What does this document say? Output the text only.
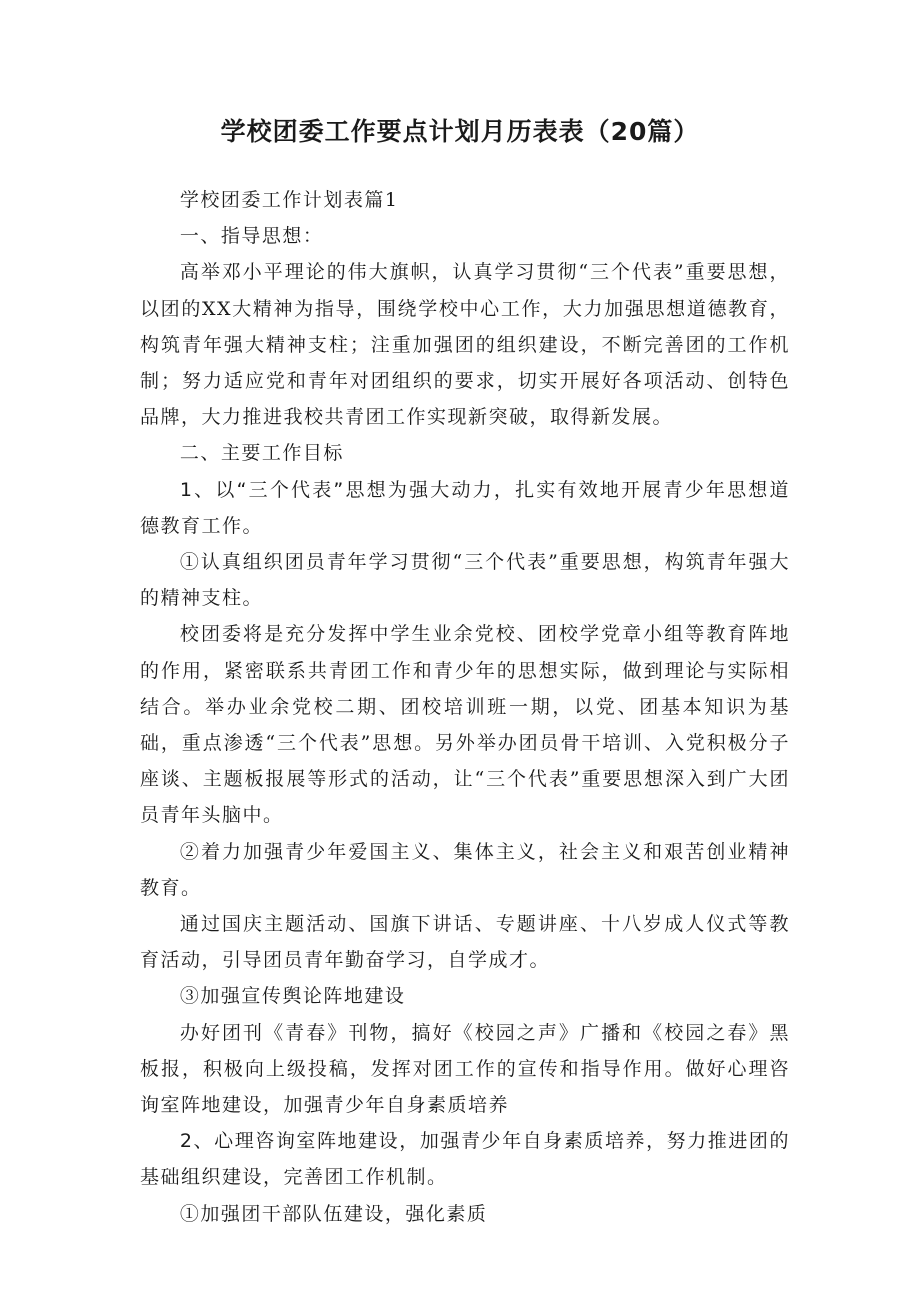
学校团委工作要点计划月历表表（20篇）

学校团委工作计划表篇1

一、指导思想：

高举邓小平理论的伟大旗帜，认真学习贯彻“三个代表”重要思想，以团的XX大精神为指导，围绕学校中心工作，大力加强思想道德教育，构筑青年强大精神支柱；注重加强团的组织建设，不断完善团的工作机制；努力适应党和青年对团组织的要求，切实开展好各项活动、创特色品牌，大力推进我校共青团工作实现新突破，取得新发展。

二、主要工作目标

1、以“三个代表”思想为强大动力，扎实有效地开展青少年思想道德教育工作。

①认真组织团员青年学习贯彻“三个代表”重要思想，构筑青年强大的精神支柱。

校团委将是充分发挥中学生业余党校、团校学党章小组等教育阵地的作用，紧密联系共青团工作和青少年的思想实际，做到理论与实际相结合。举办业余党校二期、团校培训班一期，以党、团基本知识为基础，重点渗透“三个代表”思想。另外举办团员骨干培训、入党积极分子座谈、主题板报展等形式的活动，让“三个代表”重要思想深入到广大团员青年头脑中。

②着力加强青少年爱国主义、集体主义，社会主义和艰苦创业精神教育。

通过国庆主题活动、国旗下讲话、专题讲座、十八岁成人仪式等教育活动，引导团员青年勤奋学习，自学成才。

③加强宣传舆论阵地建设

办好团刊《青春》刊物，搞好《校园之声》广播和《校园之春》黑板报，积极向上级投稿，发挥对团工作的宣传和指导作用。做好心理咨询室阵地建设，加强青少年自身素质培养

2、心理咨询室阵地建设，加强青少年自身素质培养，努力推进团的基础组织建设，完善团工作机制。

①加强团干部队伍建设，强化素质
